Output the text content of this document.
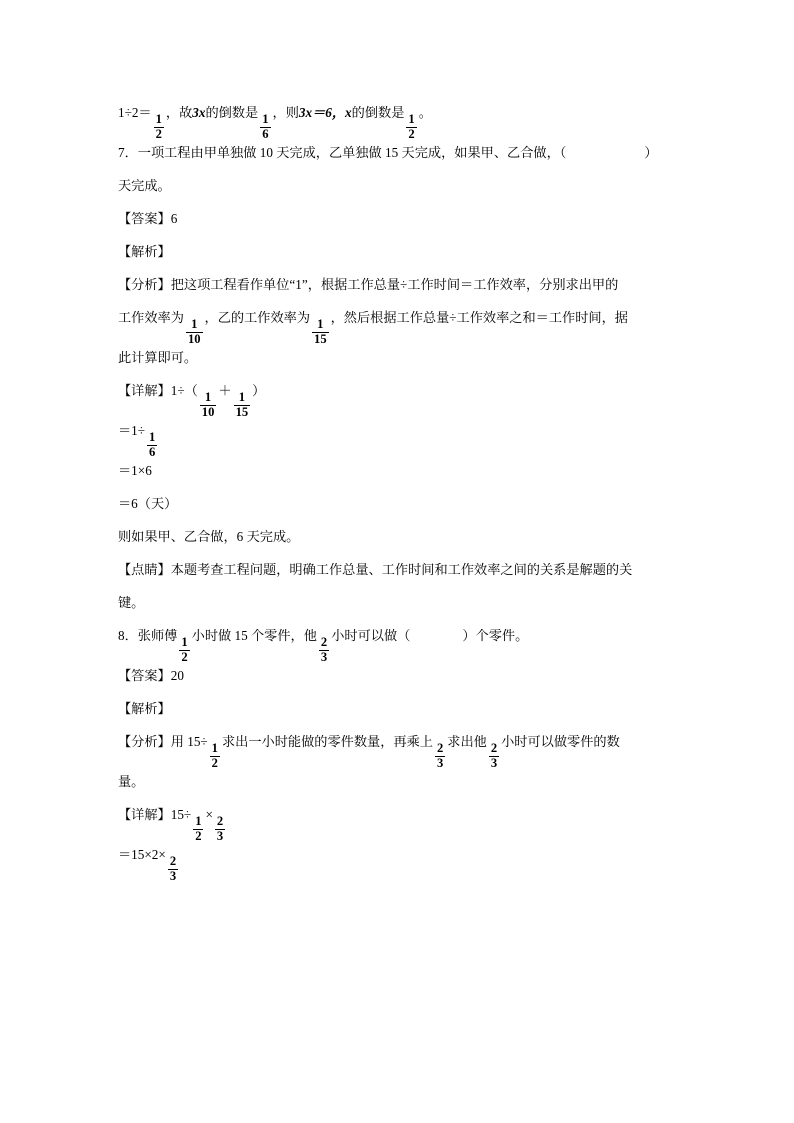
1÷2＝
$\frac{1}{2}$
，故 3x 的倒数是
$\frac{1}{6}$
，则 3x＝6，x 的倒数是
$\frac{1}{2}$
。
7．一项工程由甲单独做 10 天完成，乙单独做 15 天完成，如果甲、乙合做，（	）
天完成。
【答案】6
【解析】
【分析】把这项工程看作单位“1”，根据工作总量÷工作时间＝工作效率，分别求出甲的
工作效率为
$\frac{1}{10}$
，乙的工作效率为
$\frac{1}{15}$
，然后根据工作总量÷工作效率之和＝工作时间，据
此计算即可。
【详解】1÷（
$\frac{1}{10}$
＋
$\frac{1}{15}$
）
＝1÷
$\frac{1}{6}$
＝1×6
＝6（天）
则如果甲、乙合做，6 天完成。
【点睛】本题考查工程问题，明确工作总量、工作时间和工作效率之间的关系是解题的关
键。
8．张师傅
$\frac{1}{2}$
小时做 15 个零件，他
$\frac{2}{3}$
小时可以做（	）个零件。
【答案】20
【解析】
【分析】用 15÷
$\frac{1}{2}$
求出一小时能做的零件数量，再乘上
$\frac{2}{3}$
求出他
$\frac{2}{3}$
小时可以做零件的数
量。
【详解】15÷
$\frac{1}{2}$
×
$\frac{2}{3}$
＝15×2×
$\frac{2}{3}$
